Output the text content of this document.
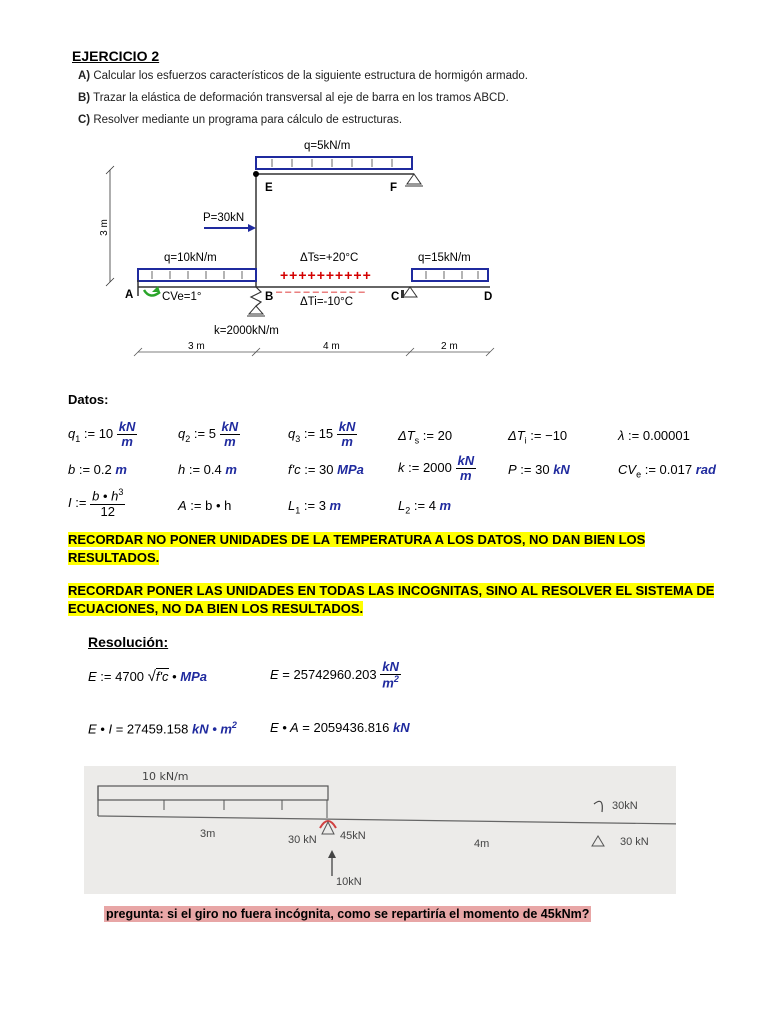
EJERCICIO 2
A) Calcular los esfuerzos característicos de la siguiente estructura de hormigón armado.
B) Trazar la elástica de deformación transversal al eje de barra en los tramos ABCD.
C) Resolver mediante un programa para cálculo de estructuras.
q=5kN/m
E	F
3 m
P=30kN
q=10kN/m	ΔTs=+20°C	q=15kN/m
++++++++++
– – – – – – – – – –
A CVe=1°	B ΔTi=-10°C	C	D
k=2000kN/m
3 m	4 m	2 m
Datos:
$q_1$ := $10 \frac{kN}{m}$	$q_2$ := $5 \frac{kN}{m}$	$q_3$ := $15 \frac{kN}{m}$	$\Delta T_s$ := 20	$\Delta T_i$ := −10	λ := 0.00001
b := 0.2 m	h := 0.4 m	f'c := 30 MPa	k := $2000 \frac{kN}{m}$ P := 30 kN	$CV_e$ := 0.017 rad
I := $\frac{b • h^3}{12}$	A := b • h	$L_1$ := 3 m	$L_2$ := 4 m
RECORDAR NO PONER UNIDADES DE LA TEMPERATURA A LOS DATOS, NO DAN BIEN LOS RESULTADOS.
RECORDAR PONER LAS UNIDADES EN TODAS LAS INCOGNITAS, SINO AL RESOLVER EL SISTEMA DE ECUACIONES, NO DA BIEN LOS RESULTADOS.
Resolución:
E := 4700 √f'c • MPa	$E = 25742960.203 \frac{kN}{m^2}$
E • I = 27459.158 kN • $m^2$	E • A = 2059436.816 kN
10 kN/m
3m	30 kN 45kN
10kN
4m
30kN
30 kN
pregunta: si el giro no fuera incógnita, como se repartiría el momento de 45kNm?
